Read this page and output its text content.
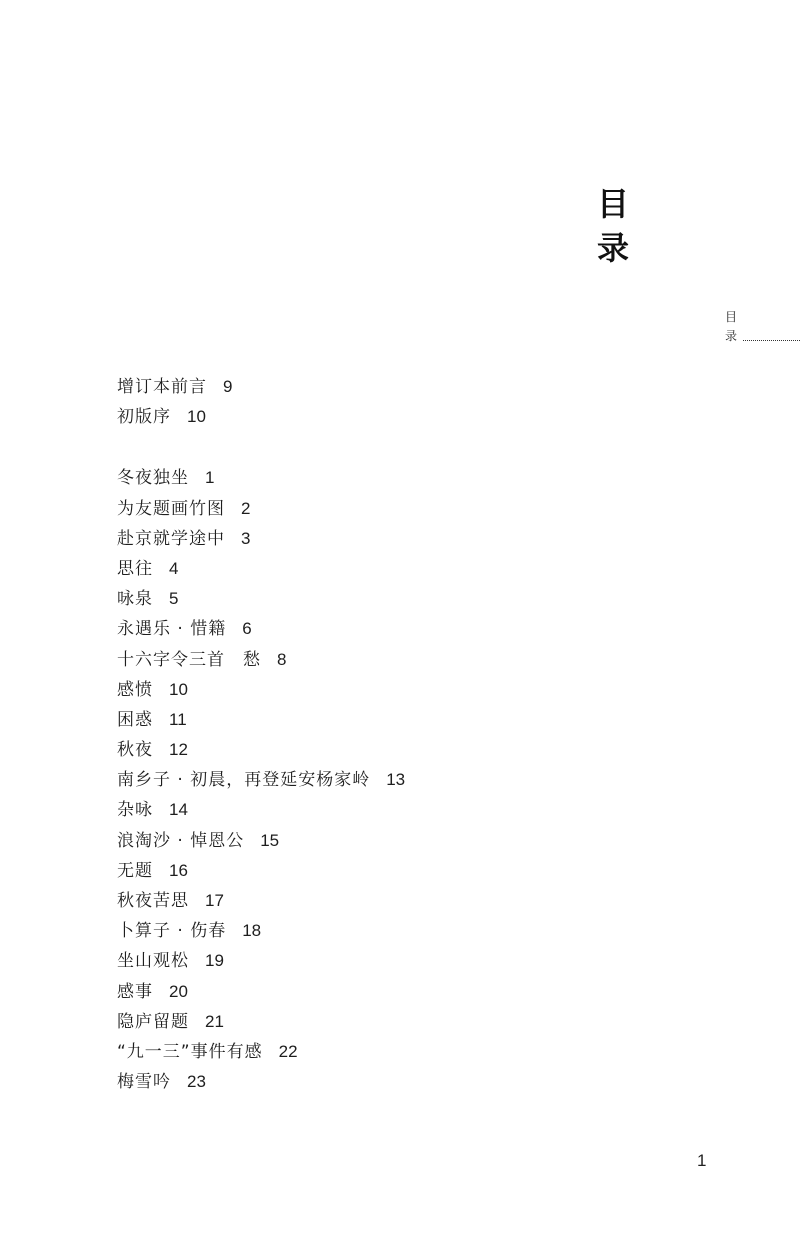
目
录
目
录
增订本前言 9
初版序 10
冬夜独坐 1
为友题画竹图 2
赴京就学途中 3
思往 4
咏泉 5
永遇乐 · 惜籍 6
十六字令三首　愁 8
感愤 10
困惑 11
秋夜 12
南乡子 · 初晨，再登延安杨家岭 13
杂咏 14
浪淘沙 · 悼恩公 15
无题 16
秋夜苦思 17
卜算子 · 伤春 18
坐山观松 19
感事 20
隐庐留题 21
“九一三”事件有感 22
梅雪吟 23
1
